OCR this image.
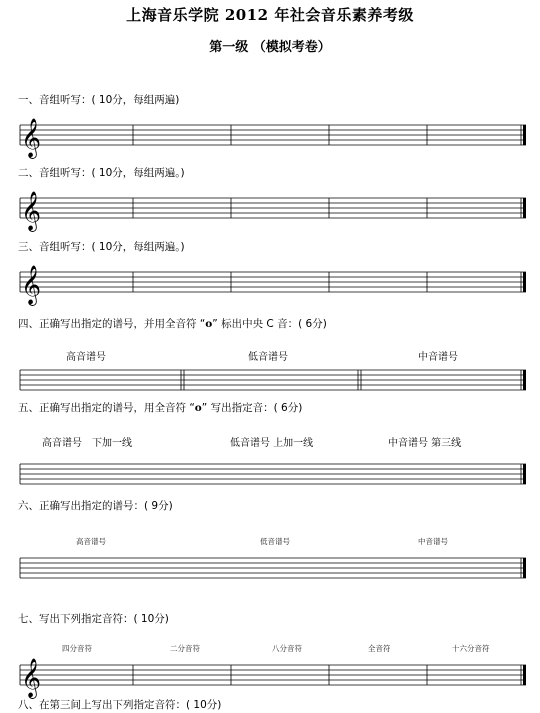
上海音乐学院 2012 年社会音乐素养考级
第一级 （模拟考卷）
一、音组听写：( 10分，每组两遍)
𝄞
二、音组听写：( 10分，每组两遍。)
𝄞
三、音组听写：( 10分，每组两遍。)
𝄞
四、正确写出指定的谱号，并用全音符 “o” 标出中央 C 音：( 6分)
高音谱号	低音谱号	中音谱号
五、正确写出指定的谱号，用全音符 “o” 写出指定音：( 6分)
高音谱号　下加一线	低音谱号 上加一线	中音谱号 第三线
六、正确写出指定的谱号：( 9分)
高音谱号	低音谱号	中音谱号
七、写出下列指定音符：( 10分)
四分音符	二分音符	八分音符	全音符	十六分音符
𝄞
八、在第三间上写出下列指定音符：( 10分)
